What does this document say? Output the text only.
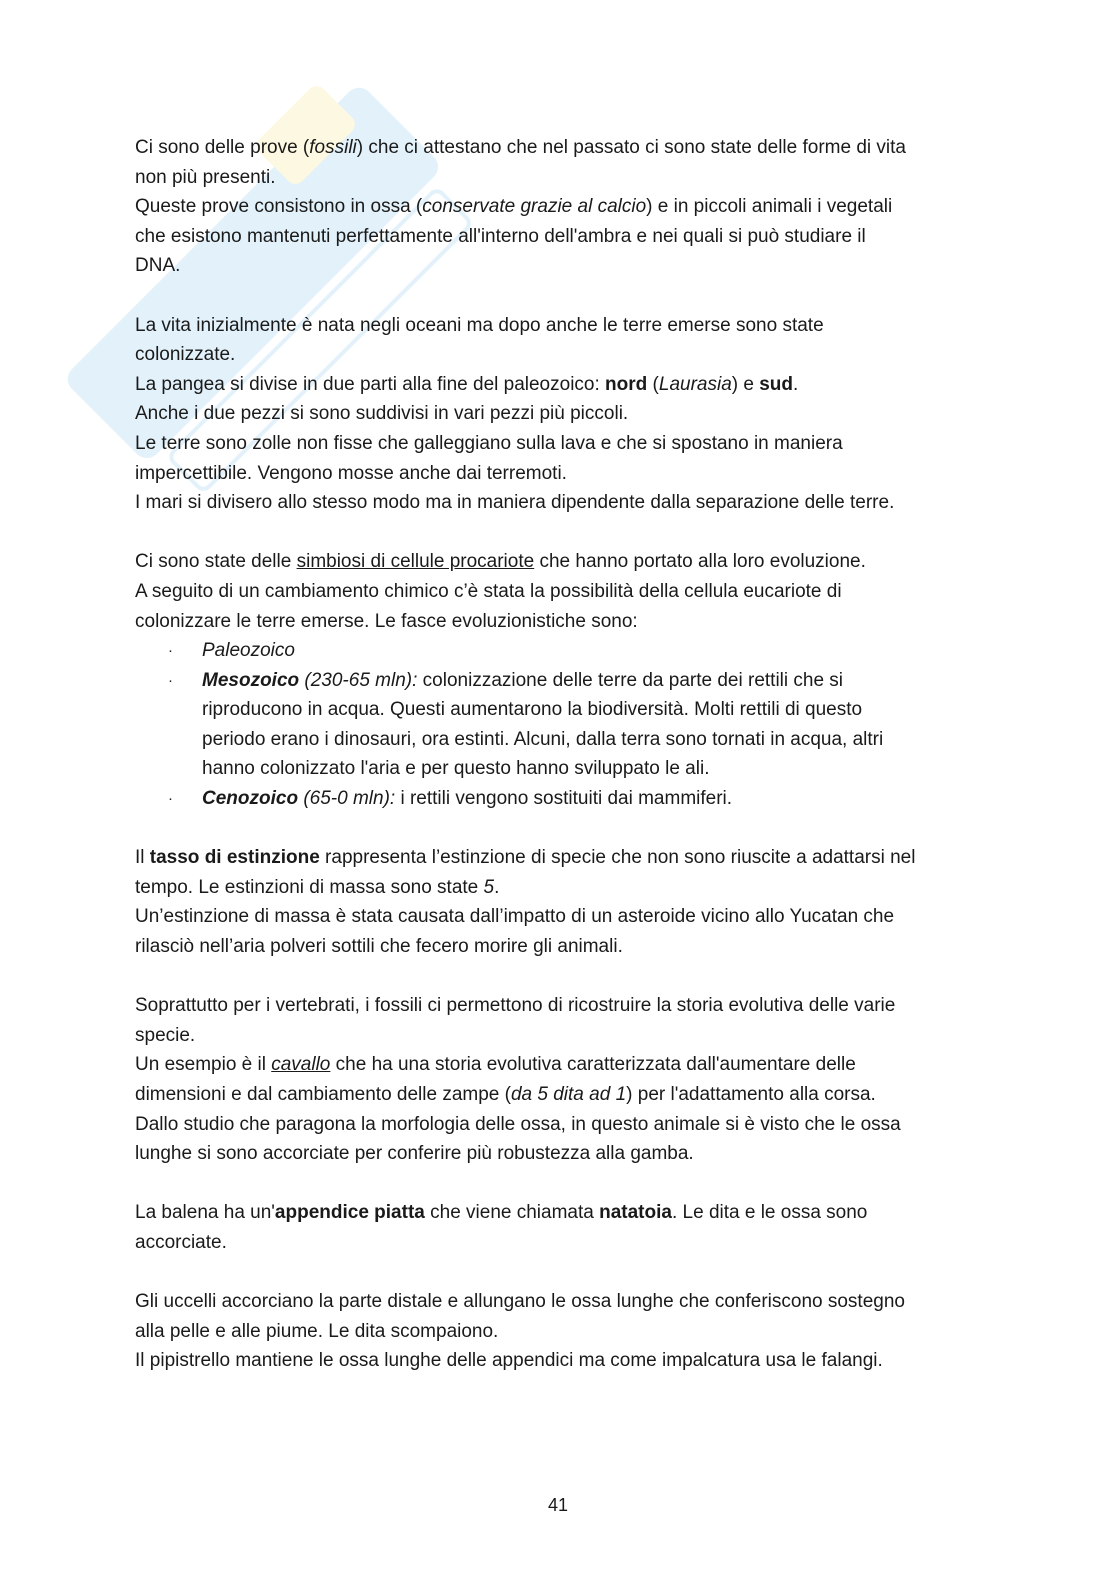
Ci sono delle prove (fossili) che ci attestano che nel passato ci sono state delle forme di vita
non più presenti.
Queste prove consistono in ossa (conservate grazie al calcio) e in piccoli animali i vegetali
che esistono mantenuti perfettamente all'interno dell'ambra e nei quali si può studiare il
DNA.
La vita inizialmente è nata negli oceani ma dopo anche le terre emerse sono state
colonizzate.
La pangea si divise in due parti alla fine del paleozoico: nord (Laurasia) e sud.
Anche i due pezzi si sono suddivisi in vari pezzi più piccoli.
Le terre sono zolle non fisse che galleggiano sulla lava e che si spostano in maniera
impercettibile. Vengono mosse anche dai terremoti.
I mari si divisero allo stesso modo ma in maniera dipendente dalla separazione delle terre.
Ci sono state delle simbiosi di cellule procariote che hanno portato alla loro evoluzione.
A seguito di un cambiamento chimico c’è stata la possibilità della cellula eucariote di
colonizzare le terre emerse. Le fasce evoluzionistiche sono:
· Paleozoico
· Mesozoico (230-65 mln): colonizzazione delle terre da parte dei rettili che si
riproducono in acqua. Questi aumentarono la biodiversità. Molti rettili di questo
periodo erano i dinosauri, ora estinti. Alcuni, dalla terra sono tornati in acqua, altri
hanno colonizzato l'aria e per questo hanno sviluppato le ali.
· Cenozoico (65-0 mln): i rettili vengono sostituiti dai mammiferi.
Il tasso di estinzione rappresenta l’estinzione di specie che non sono riuscite a adattarsi nel
tempo. Le estinzioni di massa sono state 5.
Un’estinzione di massa è stata causata dall’impatto di un asteroide vicino allo Yucatan che
rilasciò nell’aria polveri sottili che fecero morire gli animali.
Soprattutto per i vertebrati, i fossili ci permettono di ricostruire la storia evolutiva delle varie
specie.
Un esempio è il cavallo che ha una storia evolutiva caratterizzata dall'aumentare delle
dimensioni e dal cambiamento delle zampe (da 5 dita ad 1) per l'adattamento alla corsa.
Dallo studio che paragona la morfologia delle ossa, in questo animale si è visto che le ossa
lunghe si sono accorciate per conferire più robustezza alla gamba.
La balena ha un'appendice piatta che viene chiamata natatoia. Le dita e le ossa sono
accorciate.
Gli uccelli accorciano la parte distale e allungano le ossa lunghe che conferiscono sostegno
alla pelle e alle piume. Le dita scompaiono.
Il pipistrello mantiene le ossa lunghe delle appendici ma come impalcatura usa le falangi.
41
